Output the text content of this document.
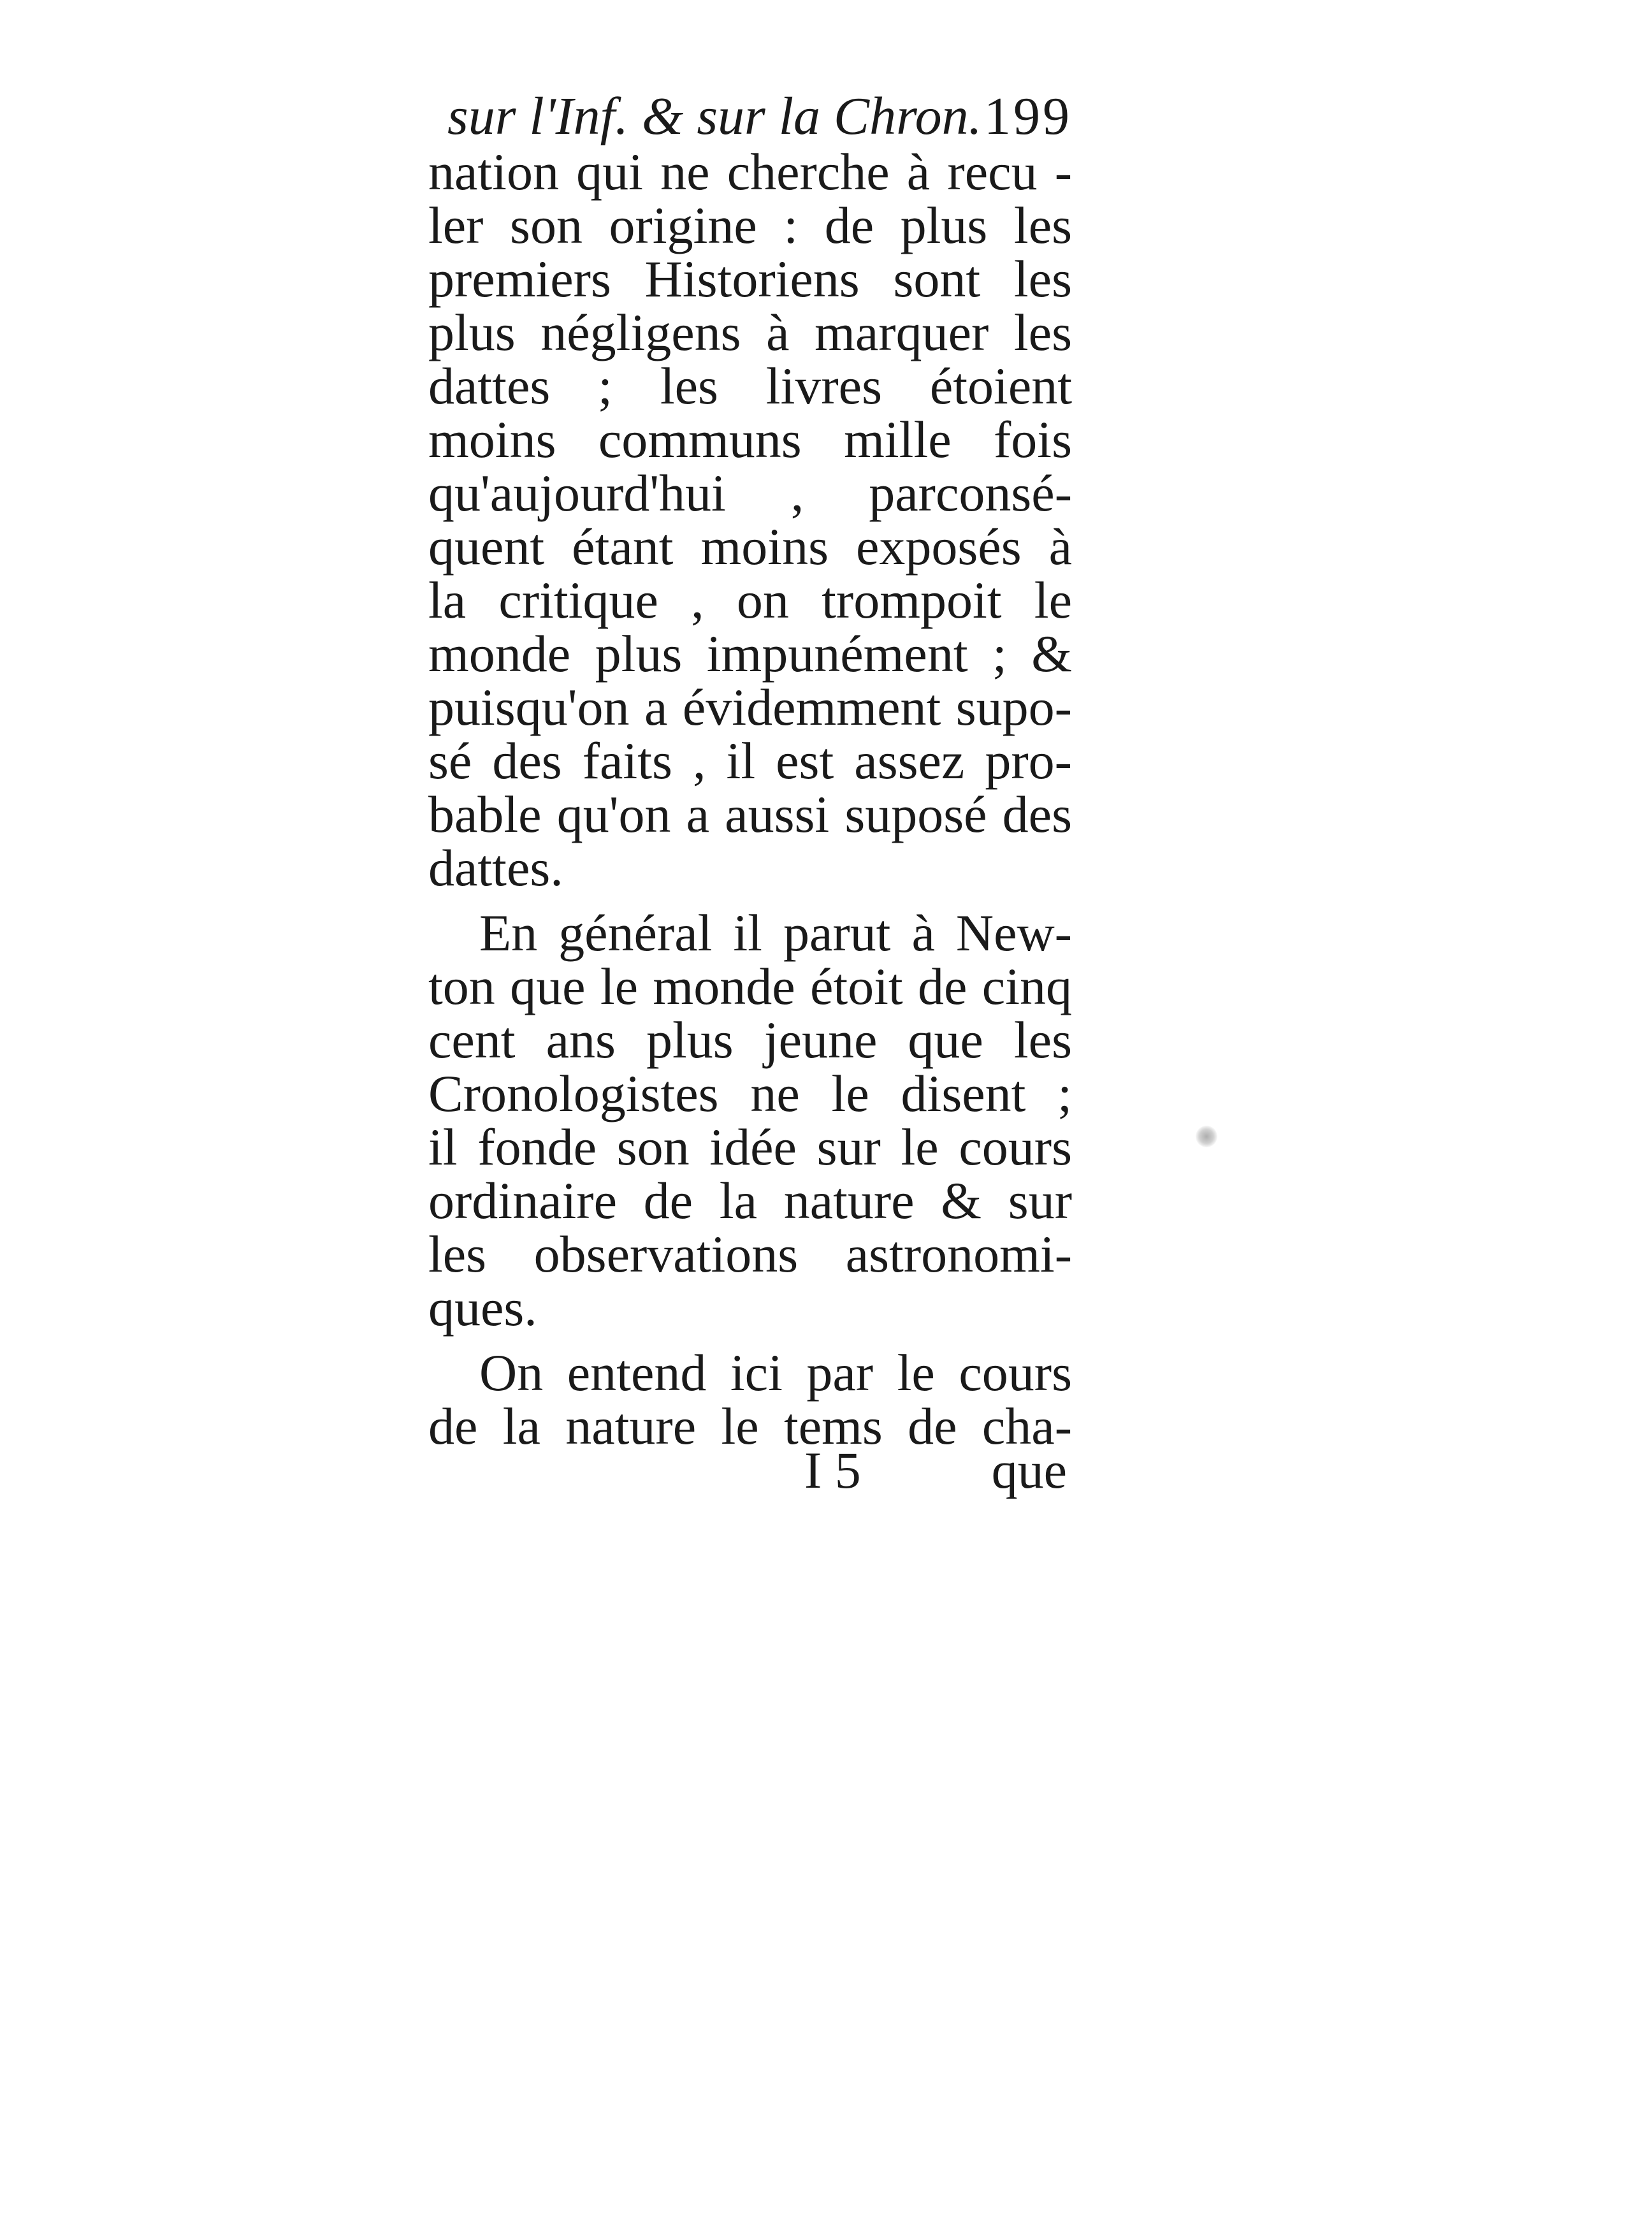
sur l'Inf. & sur la Chron. 199
nation qui ne cherche à recu -
ler son origine : de plus les
premiers Historiens sont les
plus négligens à marquer les
dattes ; les livres étoient
moins communs mille fois
qu'aujourd'hui , parconsé-
quent étant moins exposés à
la critique , on trompoit le
monde plus impunément ; &
puisqu'on a évidemment supo-
sé des faits , il est assez pro-
bable qu'on a aussi suposé des
dattes.
En général il parut à New-
ton que le monde étoit de cinq
cent ans plus jeune que les
Cronologistes ne le disent ;
il fonde son idée sur le cours
ordinaire de la nature & sur
les observations astronomi-
ques.
On entend ici par le cours
de la nature le tems de cha-
I 5 que
